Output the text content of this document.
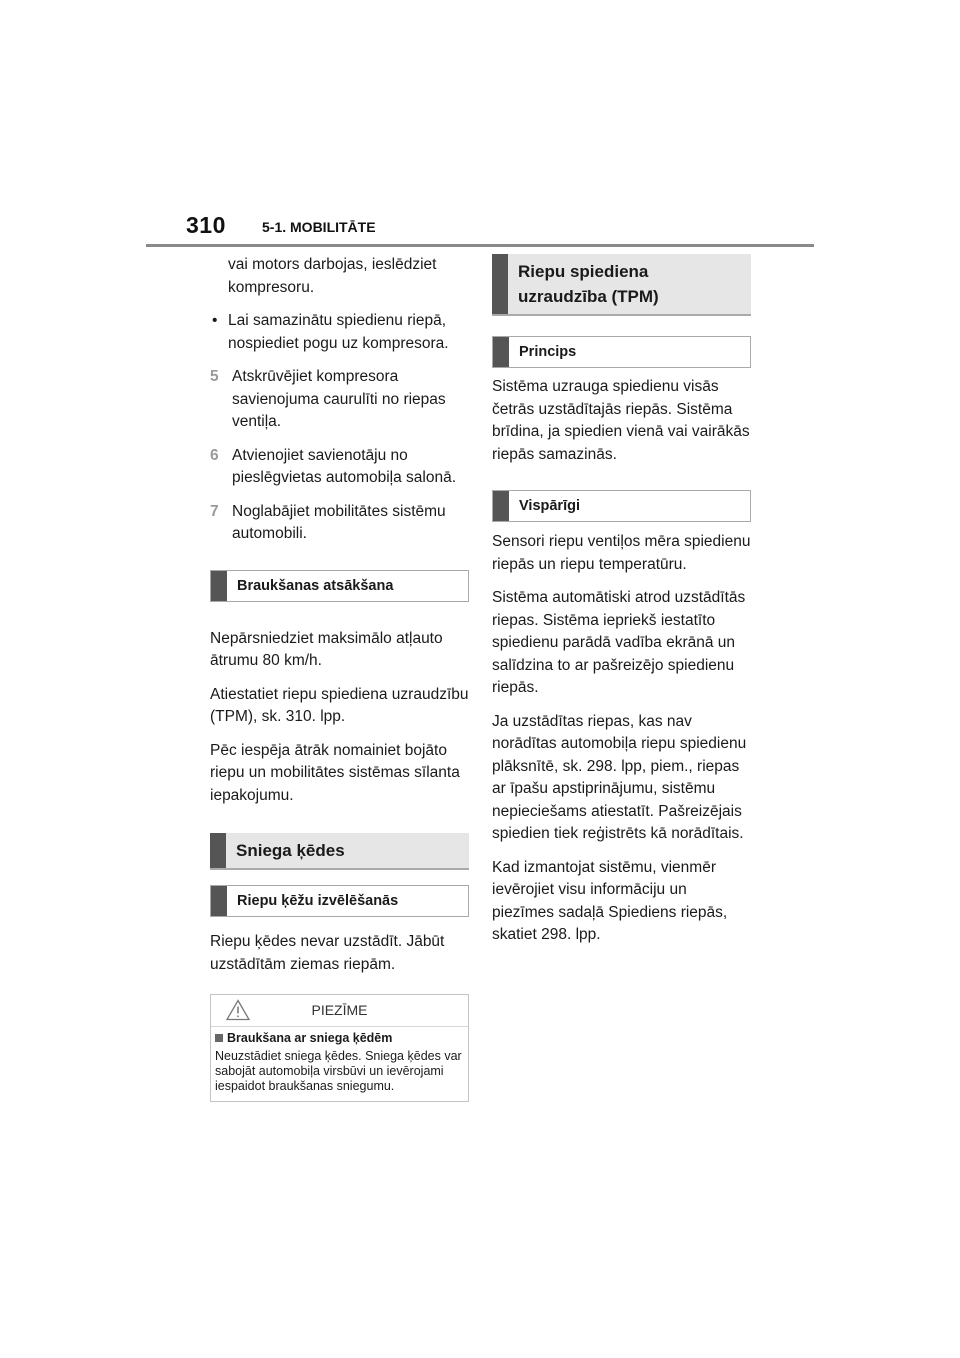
310	5-1. MOBILITĀTE

vai motors darbojas, ieslēdziet kompresoru.

• Lai samazinātu spiedienu riepā, nospiediet pogu uz kompresora.

5 Atskrūvējiet kompresora savienojuma caurulīti no riepas ventiļa.

6 Atvienojiet savienotāju no pieslēgvietas automobiļa salonā.

7 Noglabājiet mobilitātes sistēmu automobili.

Braukšanas atsākšana

Nepārsniedziet maksimālo atļauto ātrumu 80 km/h.

Atiestatiet riepu spiediena uzraudzību (TPM), sk. 310. lpp.

Pēc iespēja ātrāk nomainiet bojāto riepu un mobilitātes sistēmas sīlanta iepakojumu.

Sniega ķēdes
Riepu ķēžu izvēlēšanās

Riepu ķēdes nevar uzstādīt. Jābūt uzstādītām ziemas riepām.

PIEZĪME
Braukšana ar sniega ķēdēm
Neuzstādiet sniega ķēdes. Sniega ķēdes var sabojāt automobiļa virsbūvi un ievērojami iespaidot braukšanas sniegumu.
Riepu spiediena uzraudzība (TPM)
Princips

Sistēma uzrauga spiedienu visās četrās uzstādītajās riepās. Sistēma brīdina, ja spiedien vienā vai vairākās riepās samazinās.

Vispārīgi

Sensori riepu ventiļos mēra spiedienu riepās un riepu temperatūru.

Sistēma automātiski atrod uzstādītās riepas. Sistēma iepriekš iestatīto spiedienu parādā vadība ekrānā un salīdzina to ar pašreizējo spiedienu riepās.

Ja uzstādītas riepas, kas nav norādītas automobiļa riepu spiedienu plāksnītē, sk. 298. lpp, piem., riepas ar īpašu apstiprinājumu, sistēmu nepieciešams atiestatīt. Pašreizējais spiedien tiek reģistrēts kā norādītais.

Kad izmantojat sistēmu, vienmēr ievērojiet visu informāciju un piezīmes sadaļā Spiediens riepās, skatiet 298. lpp.
